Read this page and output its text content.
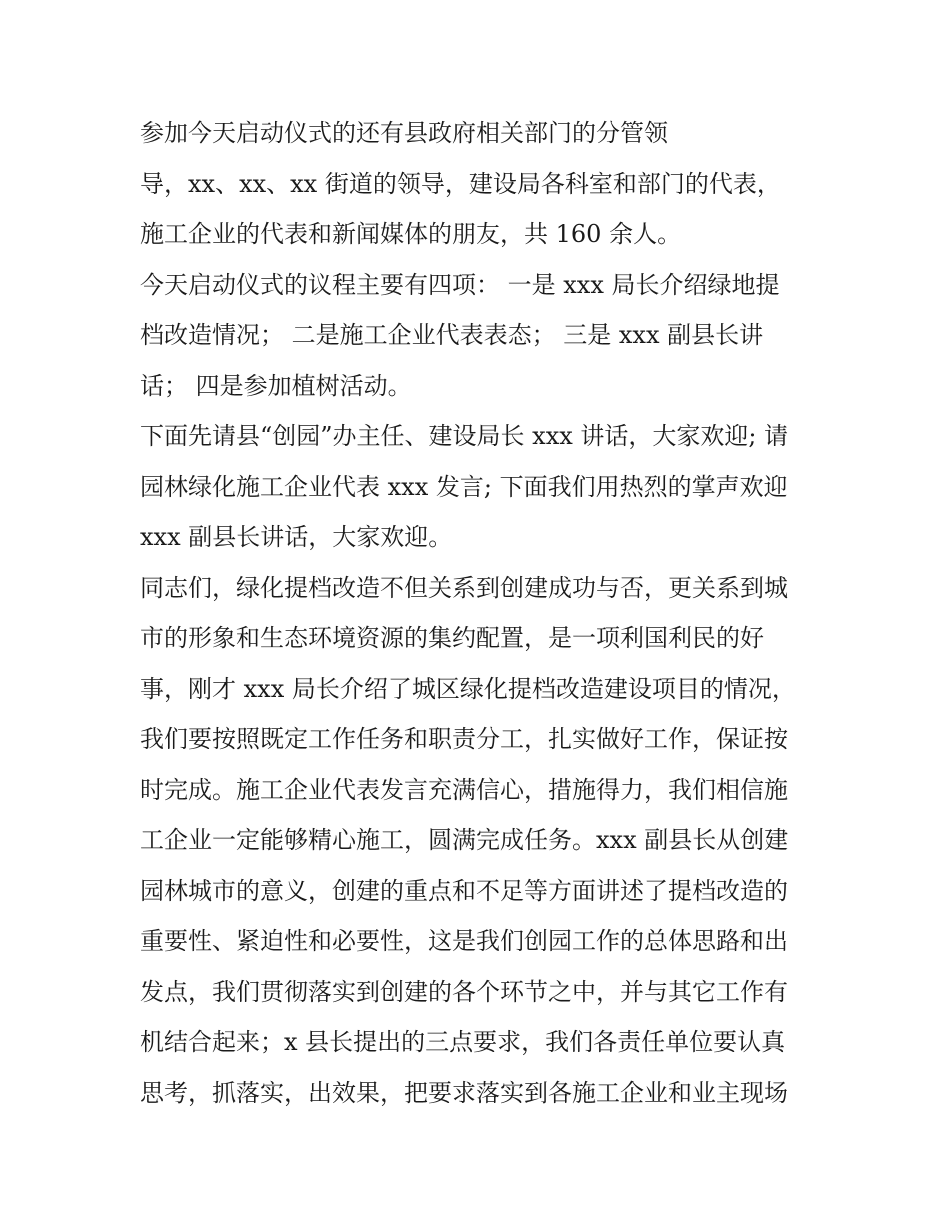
参加今天启动仪式的还有县政府相关部门的分管领
导，xx、xx、xx 街道的领导，建设局各科室和部门的代表，
施工企业的代表和新闻媒体的朋友，共 160 余人。
今天启动仪式的议程主要有四项： 一是 xxx 局长介绍绿地提
档改造情况； 二是施工企业代表表态； 三是 xxx 副县长讲
话； 四是参加植树活动。
下面先请县“创园”办主任、建设局长 xxx 讲话，大家欢迎; 请
园林绿化施工企业代表 xxx 发言; 下面我们用热烈的掌声欢迎
xxx 副县长讲话，大家欢迎。
同志们，绿化提档改造不但关系到创建成功与否，更关系到城
市的形象和生态环境资源的集约配置，是一项利国利民的好
事，刚才 xxx 局长介绍了城区绿化提档改造建设项目的情况，
我们要按照既定工作任务和职责分工，扎实做好工作，保证按
时完成。施工企业代表发言充满信心，措施得力，我们相信施
工企业一定能够精心施工，圆满完成任务。xxx 副县长从创建
园林城市的意义，创建的重点和不足等方面讲述了提档改造的
重要性、紧迫性和必要性，这是我们创园工作的总体思路和出
发点，我们贯彻落实到创建的各个环节之中，并与其它工作有
机结合起来；x 县长提出的三点要求，我们各责任单位要认真
思考，抓落实，出效果，把要求落实到各施工企业和业主现场
